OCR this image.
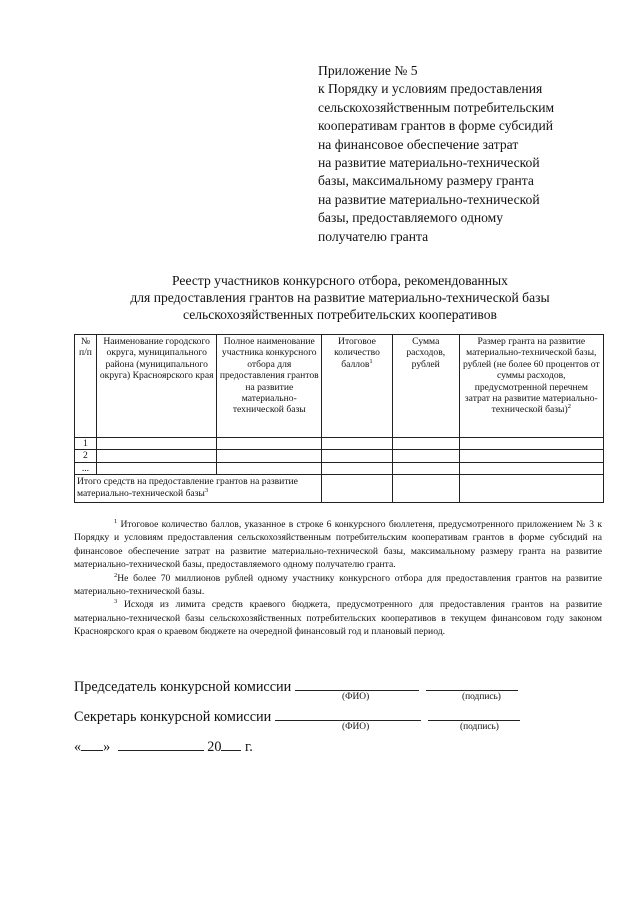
Приложение № 5
к Порядку и условиям предоставления
сельскохозяйственным потребительским
кооперативам грантов в форме субсидий
на финансовое обеспечение затрат
на развитие материально-технической
базы, максимальному размеру гранта
на развитие материально-технической
базы, предоставляемого одному
получателю гранта
Реестр участников конкурсного отбора, рекомендованных
для предоставления грантов на развитие материально-технической базы
сельскохозяйственных потребительских кооперативов
№ п/п	Наименование городского округа, муниципального района (муниципального округа) Красноярского края	Полное наименование участника конкурсного отбора для предоставления грантов на развитие материально-технической базы	Итоговое количество баллов$^1$	Сумма расходов, рублей	Размер гранта на развитие материально-технической базы, рублей (не более 60 процентов от суммы расходов, предусмотренной перечнем затрат на развитие материально-технической базы)$^2$
1					
2					
...					
Итого средств на предоставление грантов на развитие материально-технической базы$^3$			

$^1$ Итоговое количество баллов, указанное в строке 6 конкурсного бюллетеня, предусмотренного приложением № 3 к Порядку и условиям предоставления сельскохозяйственным потребительским кооперативам грантов в форме субсидий на финансовое обеспечение затрат на развитие материально-технической базы, максимальному размеру гранта на развитие материально-технической базы, предоставляемого одному получателю гранта.

$^2$Не более 70 миллионов рублей одному участнику конкурсного отбора для предоставления грантов на развитие материально-технической базы.

$^3$ Исходя из лимита средств краевого бюджета, предусмотренного для предоставления грантов на развитие материально-технической базы сельскохозяйственных потребительских кооперативов в текущем финансовом году законом Красноярского края о краевом бюджете на очередной финансовый год и плановый период.

Председатель конкурсной комиссии
(ФИО)	(подпись)
Секретарь конкурсной комиссии
(ФИО)	(подпись)
« »	20 г.
